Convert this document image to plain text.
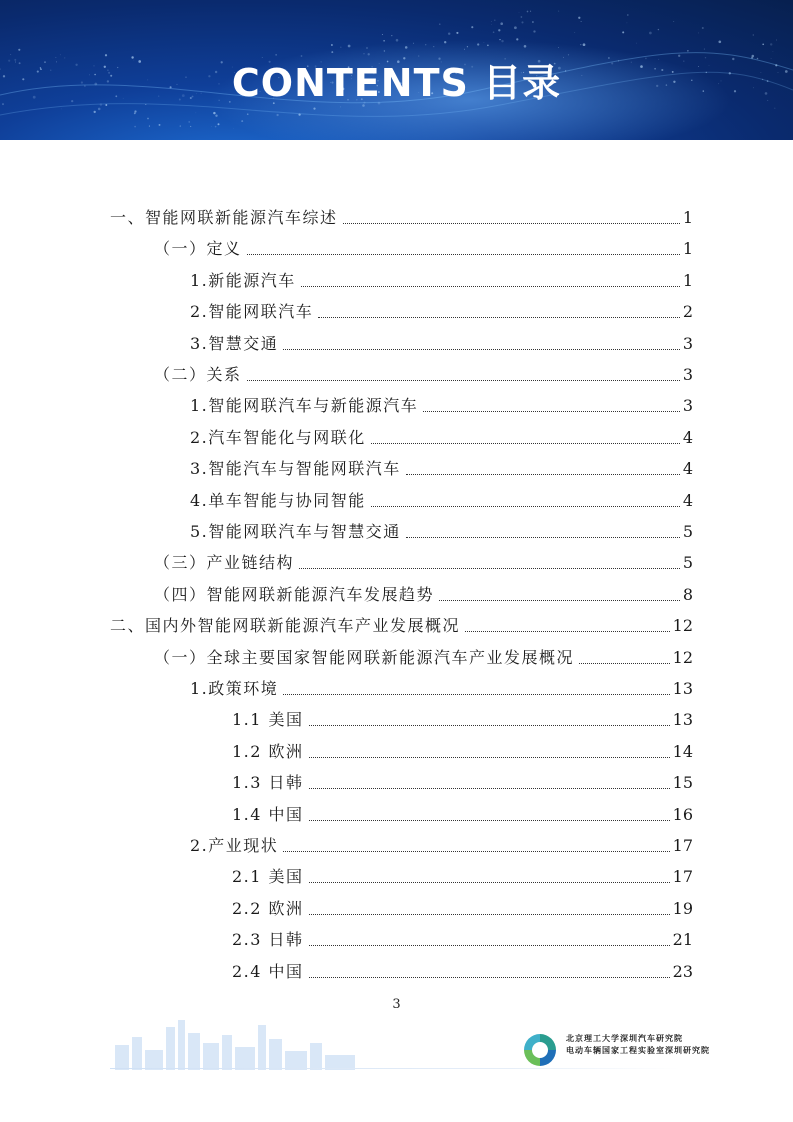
CONTENTS 目录
一、智能网联新能源汽车综述	1
（一）定义	1
1.新能源汽车	1
2.智能网联汽车	2
3.智慧交通	3
（二）关系	3
1.智能网联汽车与新能源汽车	3
2.汽车智能化与网联化	4
3.智能汽车与智能网联汽车	4
4.单车智能与协同智能	4
5.智能网联汽车与智慧交通	5
（三）产业链结构	5
（四）智能网联新能源汽车发展趋势	8
二、国内外智能网联新能源汽车产业发展概况	12
（一）全球主要国家智能网联新能源汽车产业发展概况	12
1.政策环境	13
1.1 美国	13
1.2 欧洲	14
1.3 日韩	15
1.4 中国	16
2.产业现状	17
2.1 美国	17
2.2 欧洲	19
2.3 日韩	21
2.4 中国	23
3
北京理工大学深圳汽车研究院
电动车辆国家工程实验室深圳研究院
